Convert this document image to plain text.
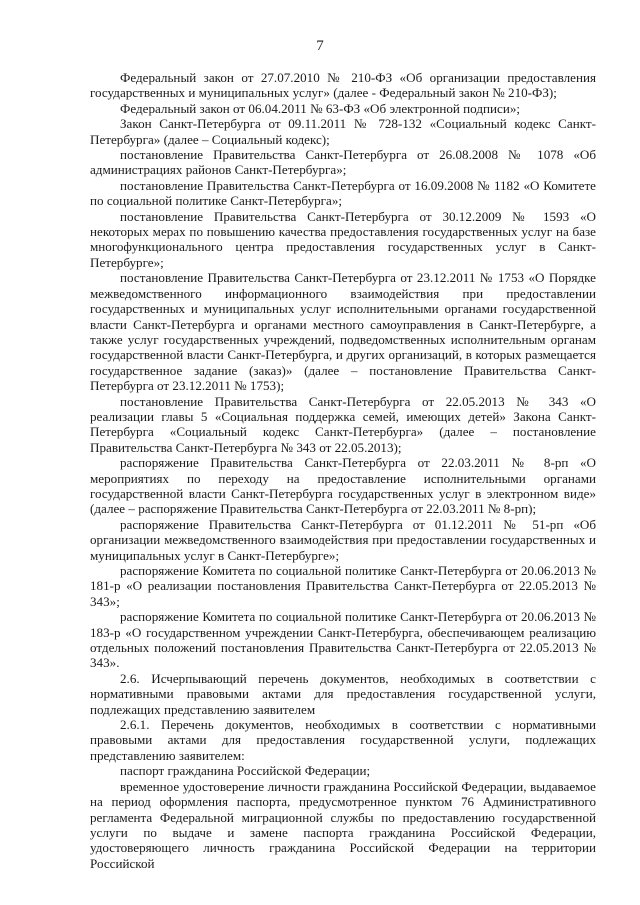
7

Федеральный закон от 27.07.2010 № 210-ФЗ «Об организации предоставления государственных и муниципальных услуг» (далее - Федеральный закон № 210-ФЗ);

Федеральный закон от 06.04.2011 № 63-ФЗ «Об электронной подписи»;

Закон Санкт-Петербурга от 09.11.2011 № 728-132 «Социальный кодекс Санкт-Петербурга» (далее – Социальный кодекс);

постановление Правительства Санкт-Петербурга от 26.08.2008 № 1078 «Об администрациях районов Санкт-Петербурга»;

постановление Правительства Санкт-Петербурга от 16.09.2008 № 1182 «О Комитете по социальной политике Санкт-Петербурга»;

постановление Правительства Санкт-Петербурга от 30.12.2009 № 1593 «О некоторых мерах по повышению качества предоставления государственных услуг на базе многофункционального центра предоставления государственных услуг в Санкт-Петербурге»;

постановление Правительства Санкт-Петербурга от 23.12.2011 № 1753 «О Порядке межведомственного информационного взаимодействия при предоставлении государственных и муниципальных услуг исполнительными органами государственной власти Санкт-Петербурга и органами местного самоуправления в Санкт-Петербурге, а также услуг государственных учреждений, подведомственных исполнительным органам государственной власти Санкт-Петербурга, и других организаций, в которых размещается государственное задание (заказ)» (далее – постановление Правительства Санкт-Петербурга от 23.12.2011 № 1753);

постановление Правительства Санкт-Петербурга от 22.05.2013 № 343 «О реализации главы 5 «Социальная поддержка семей, имеющих детей» Закона Санкт-Петербурга «Социальный кодекс Санкт-Петербурга» (далее – постановление Правительства Санкт-Петербурга № 343 от 22.05.2013);

распоряжение Правительства Санкт-Петербурга от 22.03.2011 № 8-рп «О мероприятиях по переходу на предоставление исполнительными органами государственной власти Санкт-Петербурга государственных услуг в электронном виде» (далее – распоряжение Правительства Санкт-Петербурга от 22.03.2011 № 8-рп);

распоряжение Правительства Санкт-Петербурга от 01.12.2011 № 51-рп «Об организации межведомственного взаимодействия при предоставлении государственных и муниципальных услуг в Санкт-Петербурге»;

распоряжение Комитета по социальной политике Санкт-Петербурга от 20.06.2013 № 181-р «О реализации постановления Правительства Санкт-Петербурга от 22.05.2013 № 343»;

распоряжение Комитета по социальной политике Санкт-Петербурга от 20.06.2013 № 183-р «О государственном учреждении Санкт-Петербурга, обеспечивающем реализацию отдельных положений постановления Правительства Санкт-Петербурга от 22.05.2013 № 343».

2.6. Исчерпывающий перечень документов, необходимых в соответствии с нормативными правовыми актами для предоставления государственной услуги, подлежащих представлению заявителем

2.6.1. Перечень документов, необходимых в соответствии с нормативными правовыми актами для предоставления государственной услуги, подлежащих представлению заявителем:

паспорт гражданина Российской Федерации;

временное удостоверение личности гражданина Российской Федерации, выдаваемое на период оформления паспорта, предусмотренное пунктом 76 Административного регламента Федеральной миграционной службы по предоставлению государственной услуги по выдаче и замене паспорта гражданина Российской Федерации, удостоверяющего личность гражданина Российской Федерации на территории Российской
